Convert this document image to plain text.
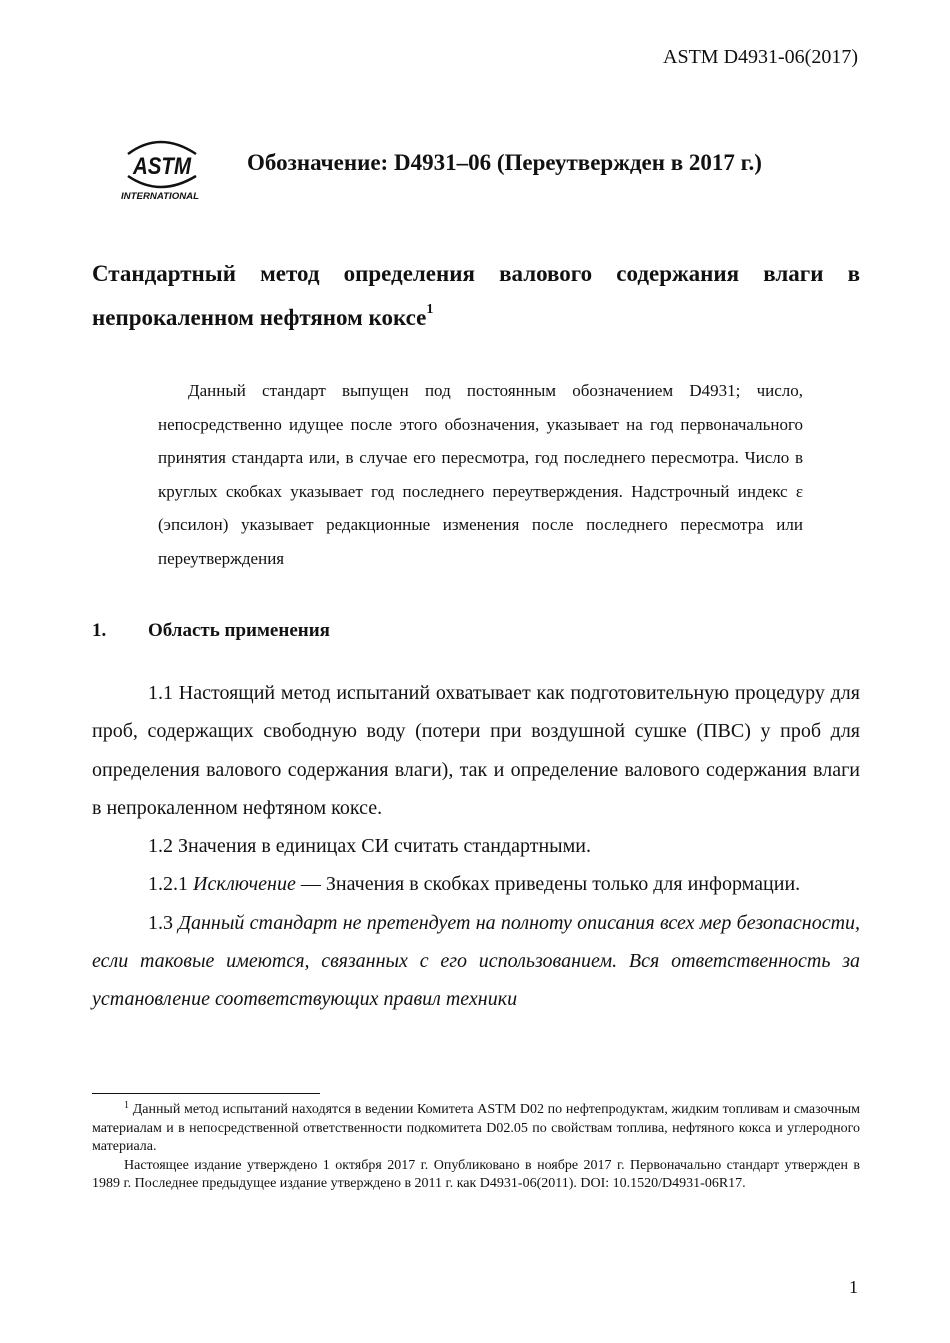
ASTM D4931-06(2017)
ASTM
INTERNATIONAL
Обозначение: D4931–06 (Переутвержден в 2017 г.)
Стандартный метод определения валового содержания влаги в
непрокаленном нефтяном коксе$^1$
Данный стандарт выпущен под постоянным обозначением D4931; число, непосредственно идущее после этого обозначения, указывает на год первоначального принятия стандарта или, в случае его пересмотра, год последнего пересмотра. Число в круглых скобках указывает год последнего переутверждения. Надстрочный индекс ε (эпсилон) указывает редакционные изменения после последнего пересмотра или переутверждения
1. Область применения

1.1 Настоящий метод испытаний охватывает как подготовительную процедуру для проб, содержащих свободную воду (потери при воздушной сушке (ПВС) у проб для определения валового содержания влаги), так и определение валового содержания влаги в непрокаленном нефтяном коксе.

1.2 Значения в единицах СИ считать стандартными.

1.2.1 Исключение — Значения в скобках приведены только для информации.

1.3 Данный стандарт не претендует на полноту описания всех мер безопасности, если таковые имеются, связанных с его использованием. Вся ответственность за установление соответствующих правил техники

$^1$ Данный метод испытаний находятся в ведении Комитета ASTM D02 по нефтепродуктам, жидким топливам и смазочным материалам и в непосредственной ответственности подкомитета D02.05 по свойствам топлива, нефтяного кокса и углеродного материала.

Настоящее издание утверждено 1 октября 2017 г. Опубликовано в ноябре 2017 г. Первоначально стандарт утвержден в 1989 г. Последнее предыдущее издание утверждено в 2011 г. как D4931-06(2011). DOI: 10.1520/D4931-06R17.

1
